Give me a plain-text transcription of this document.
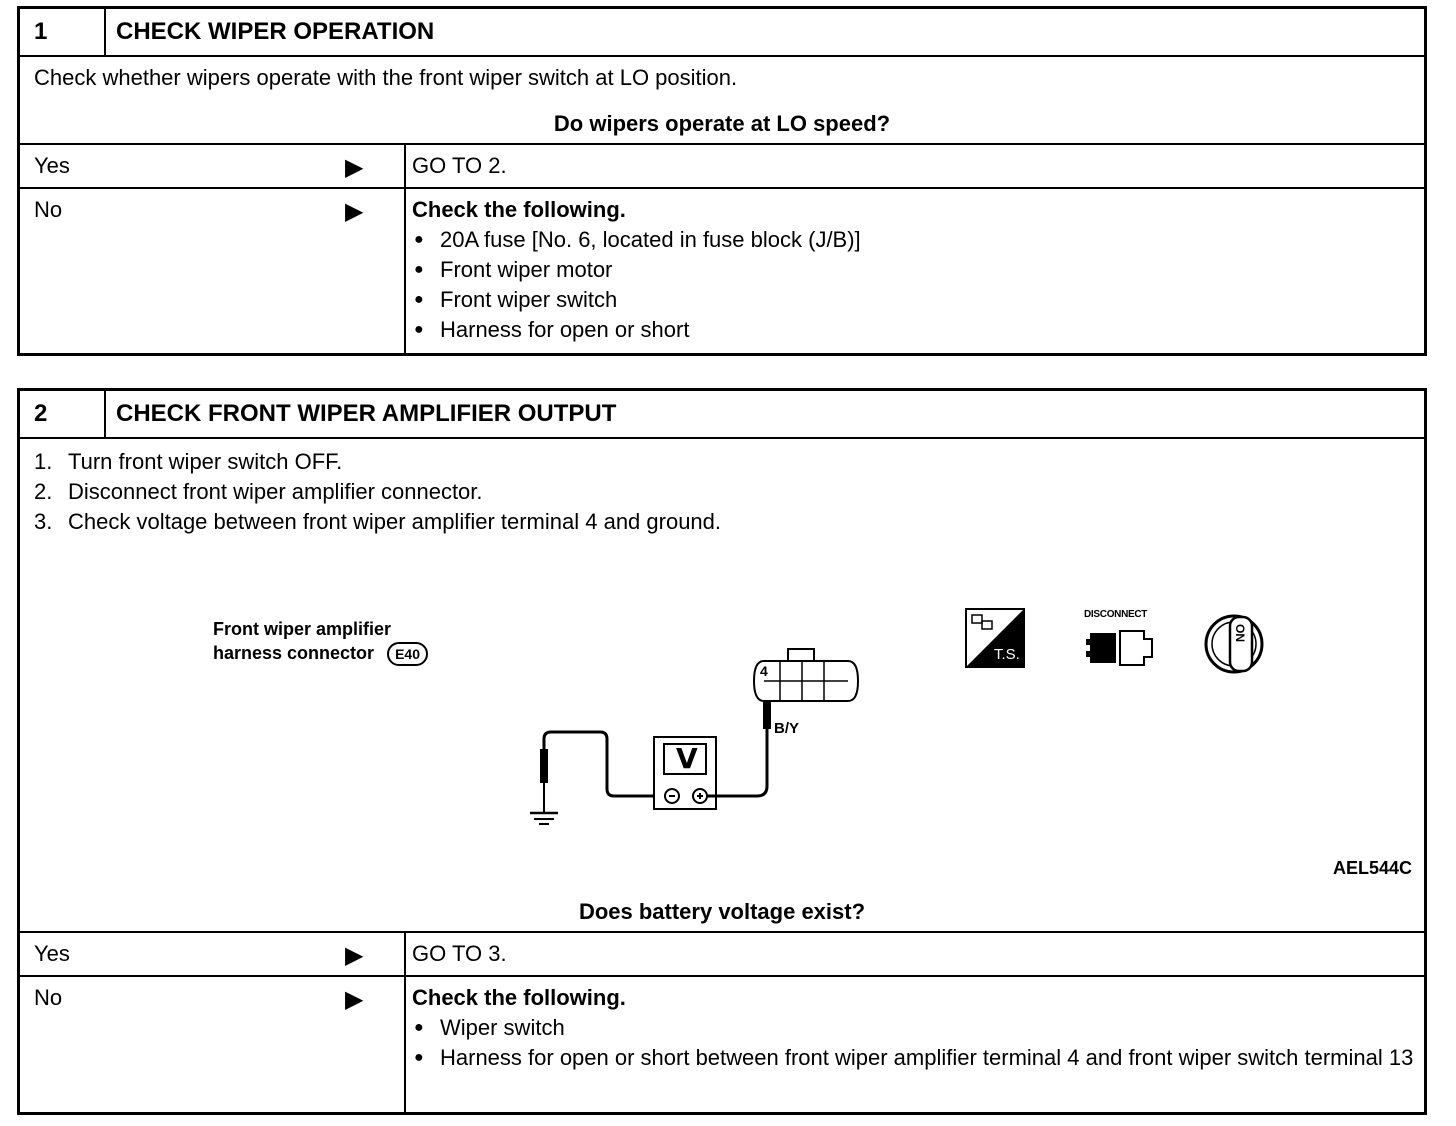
1	CHECK WIPER OPERATION
Check whether wipers operate with the front wiper switch at LO position.
Do wipers operate at LO speed?
Yes	▶ GO TO 2.
No	▶ Check the following.
● 20A fuse [No. 6, located in fuse block (J/B)]
● Front wiper motor
● Front wiper switch
● Harness for open or short
2	CHECK FRONT WIPER AMPLIFIER OUTPUT
1. Turn front wiper switch OFF.
2. Disconnect front wiper amplifier connector.
3. Check voltage between front wiper amplifier terminal 4 and ground.
Front wiper amplifier
harness connector E40
4
B/Y
V
T.S.
DISCONNECT
ON
AEL544C
Does battery voltage exist?
Yes	▶ GO TO 3.
No	▶ Check the following.
● Wiper switch
● Harness for open or short between front wiper amplifier terminal 4 and front wiper switch terminal 13
